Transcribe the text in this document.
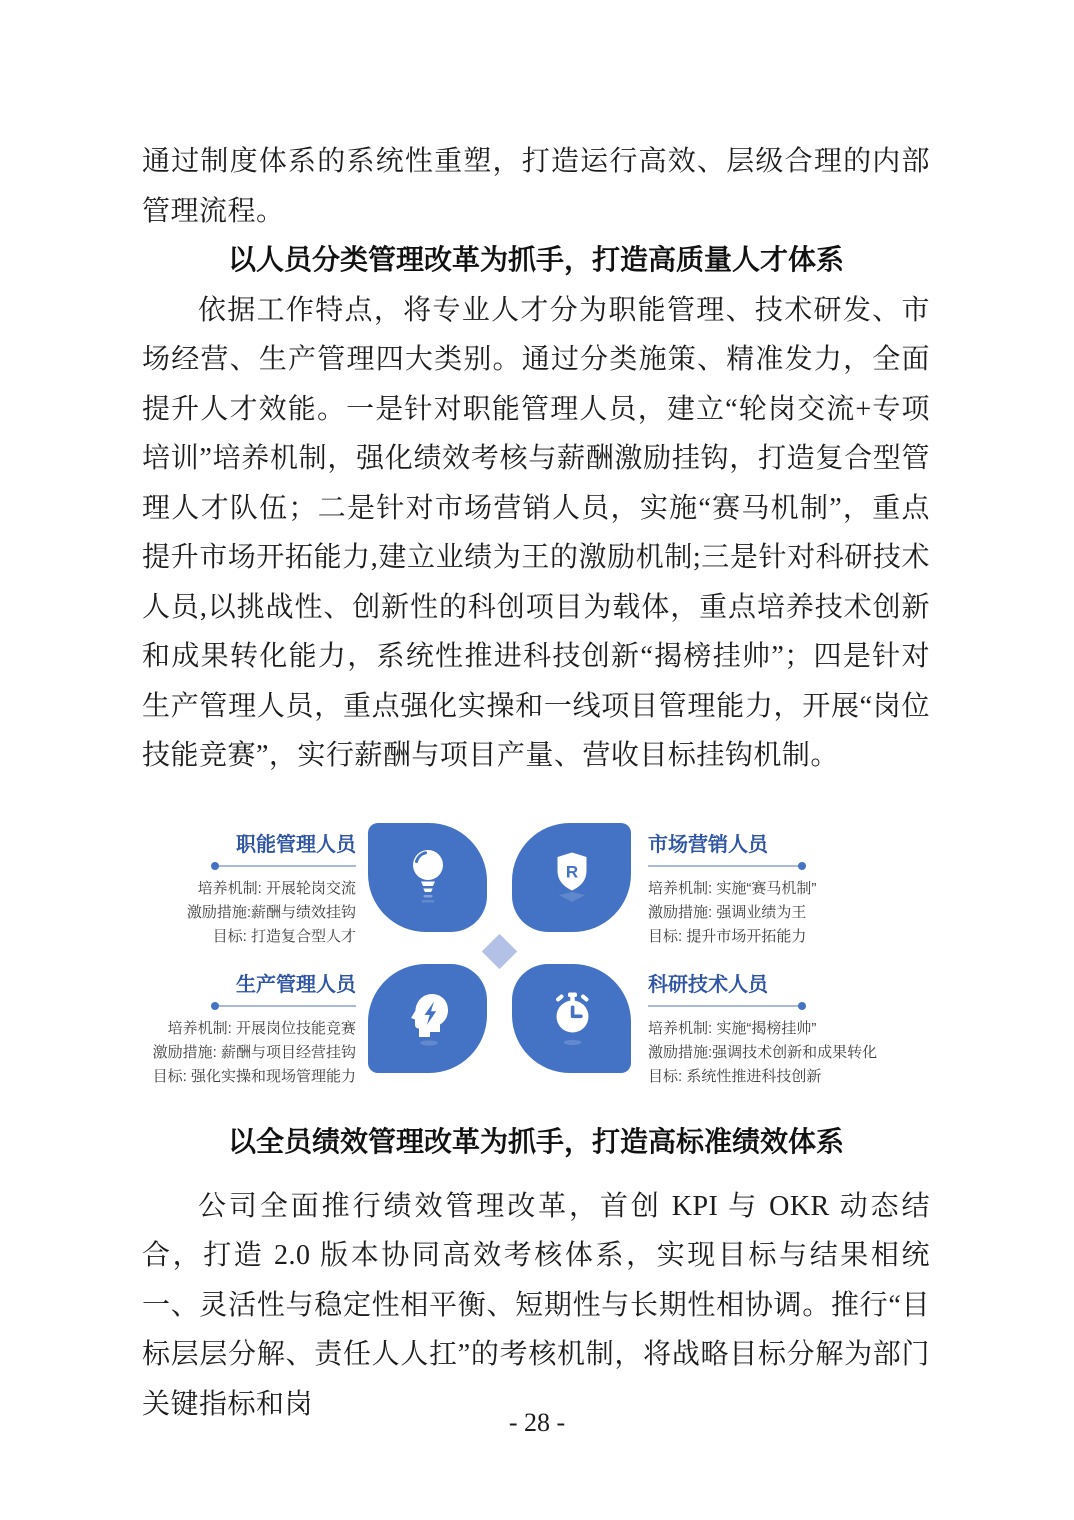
通过制度体系的系统性重塑，打造运行高效、层级合理的内部管理流程。

以人员分类管理改革为抓手，打造高质量人才体系

依据工作特点，将专业人才分为职能管理、技术研发、市场经营、生产管理四大类别。通过分类施策、精准发力，全面提升人才效能。一是针对职能管理人员，建立“轮岗交流+专项培训”培养机制，强化绩效考核与薪酬激励挂钩，打造复合型管理人才队伍；二是针对市场营销人员，实施“赛马机制”，重点提升市场开拓能力,建立业绩为王的激励机制;三是针对科研技术人员,以挑战性、创新性的科创项目为载体，重点培养技术创新和成果转化能力，系统性推进科技创新“揭榜挂帅”；四是针对生产管理人员，重点强化实操和一线项目管理能力，开展“岗位技能竞赛”，实行薪酬与项目产量、营收目标挂钩机制。

职能管理人员
培养机制: 开展轮岗交流
激励措施:薪酬与绩效挂钩
目标: 打造复合型人才
市场营销人员
培养机制: 实施“赛马机制”
激励措施: 强调业绩为王
目标: 提升市场开拓能力
生产管理人员
培养机制: 开展岗位技能竞赛
激励措施: 薪酬与项目经营挂钩
目标: 强化实操和现场管理能力
科研技术人员
培养机制: 实施“揭榜挂帅”
激励措施:强调技术创新和成果转化
目标: 系统性推进科技创新
R
以全员绩效管理改革为抓手，打造高标准绩效体系

公司全面推行绩效管理改革，首创 KPI 与 OKR 动态结合，打造 2.0 版本协同高效考核体系，实现目标与结果相统一、灵活性与稳定性相平衡、短期性与长期性相协调。推行“目标层层分解、责任人人扛”的考核机制，将战略目标分解为部门关键指标和岗

- 28 -
